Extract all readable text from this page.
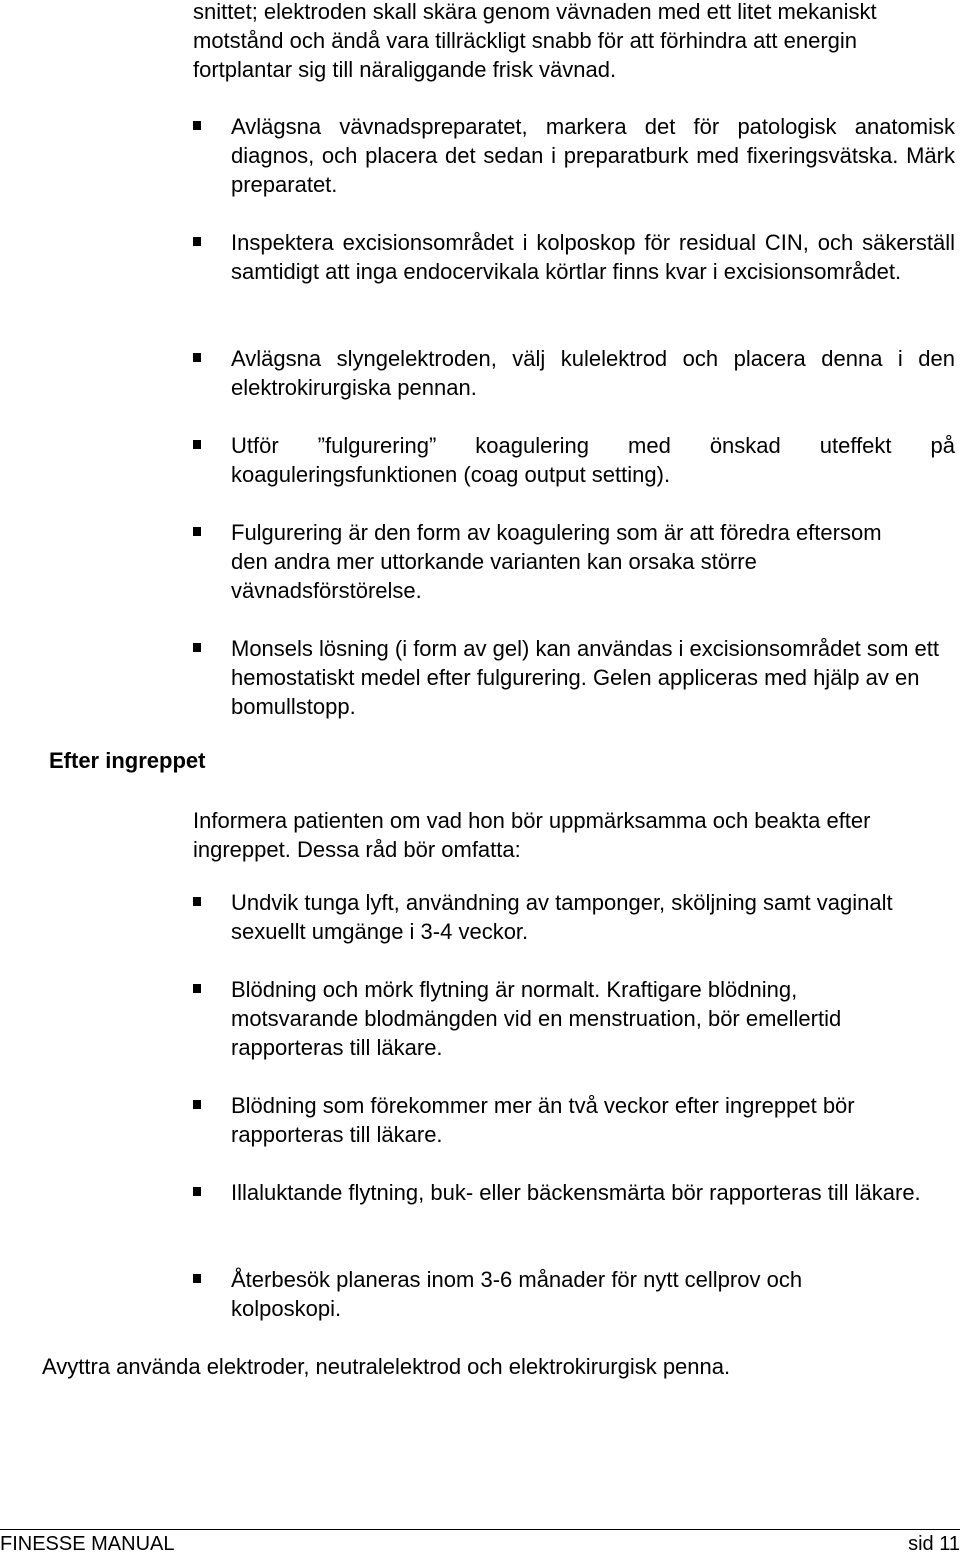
snittet; elektroden skall skära genom vävnaden med ett litet mekaniskt motstånd och ändå vara tillräckligt snabb för att förhindra att energin fortplantar sig till näraliggande frisk vävnad.

Avlägsna vävnadspreparatet, markera det för patologisk anatomisk diagnos, och placera det sedan i preparatburk med fixeringsvätska. Märk preparatet.
Inspektera excisionsområdet i kolposkop för residual CIN, och säkerställ samtidigt att inga endocervikala körtlar finns kvar i excisionsområdet.
Avlägsna slyngelektroden, välj kulelektrod och placera denna i den elektrokirurgiska pennan.
Utför ”fulgurering” koagulering med önskad uteffekt på koaguleringsfunktionen (coag output setting).
Fulgurering är den form av koagulering som är att föredra eftersom den andra mer uttorkande varianten kan orsaka större vävnadsförstörelse.
Monsels lösning (i form av gel) kan användas i excisionsområdet som ett hemostatiskt medel efter fulgurering. Gelen appliceras med hjälp av en bomullstopp.
Efter ingreppet

Informera patienten om vad hon bör uppmärksamma och beakta efter ingreppet. Dessa råd bör omfatta:

Undvik tunga lyft, användning av tamponger, sköljning samt vaginalt sexuellt umgänge i 3-4 veckor.
Blödning och mörk flytning är normalt. Kraftigare blödning, motsvarande blodmängden vid en menstruation, bör emellertid rapporteras till läkare.
Blödning som förekommer mer än två veckor efter ingreppet bör rapporteras till läkare.
Illaluktande flytning, buk- eller bäckensmärta bör rapporteras till läkare.
Återbesök planeras inom 3-6 månader för nytt cellprov och kolposkopi.

Avyttra använda elektroder, neutralelektrod och elektrokirurgisk penna.

FINESSE MANUAL	sid 11
